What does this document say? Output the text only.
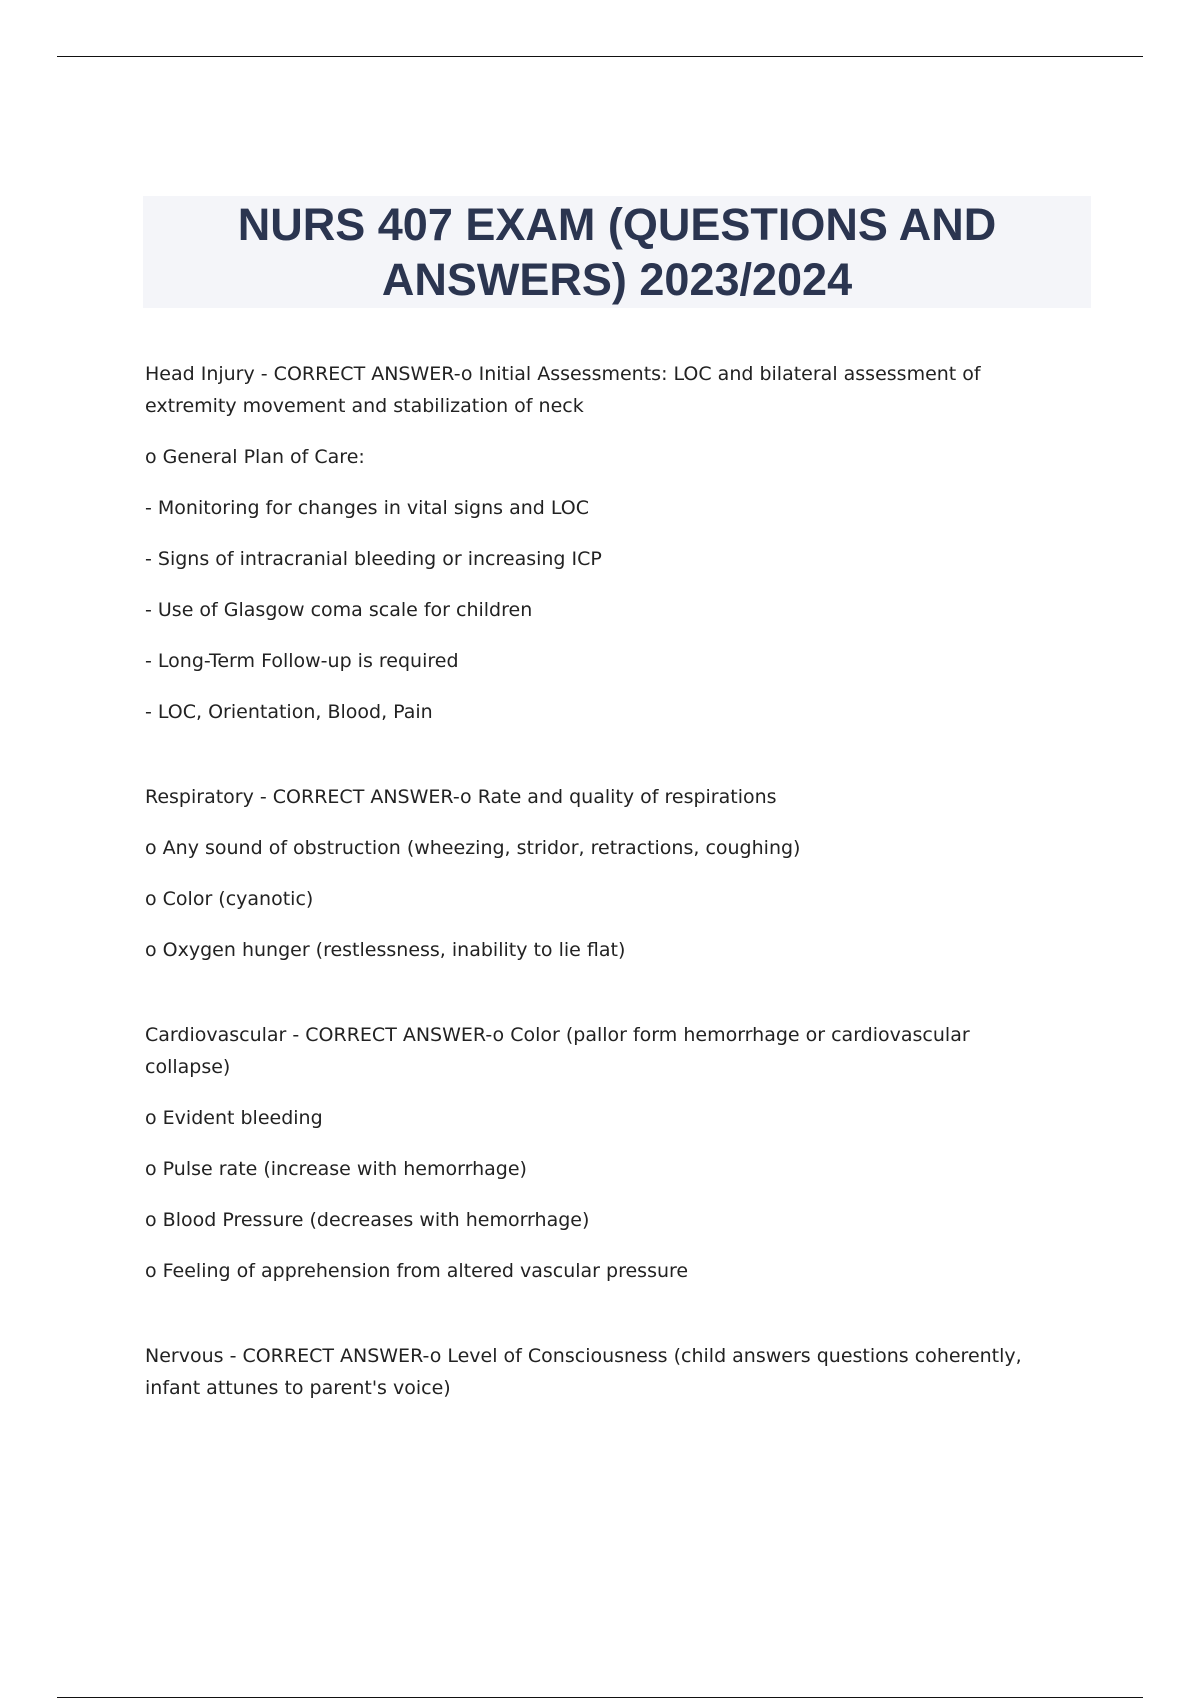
NURS 407 EXAM (QUESTIONS AND ANSWERS) 2023/2024

Head Injury - CORRECT ANSWER-o Initial Assessments: LOC and bilateral assessment of extremity movement and stabilization of neck

o General Plan of Care:

- Monitoring for changes in vital signs and LOC

- Signs of intracranial bleeding or increasing ICP

- Use of Glasgow coma scale for children

- Long-Term Follow-up is required

- LOC, Orientation, Blood, Pain

Respiratory - CORRECT ANSWER-o Rate and quality of respirations

o Any sound of obstruction (wheezing, stridor, retractions, coughing)

o Color (cyanotic)

o Oxygen hunger (restlessness, inability to lie flat)

Cardiovascular - CORRECT ANSWER-o Color (pallor form hemorrhage or cardiovascular collapse)

o Evident bleeding

o Pulse rate (increase with hemorrhage)

o Blood Pressure (decreases with hemorrhage)

o Feeling of apprehension from altered vascular pressure

Nervous - CORRECT ANSWER-o Level of Consciousness (child answers questions coherently, infant attunes to parent's voice)
